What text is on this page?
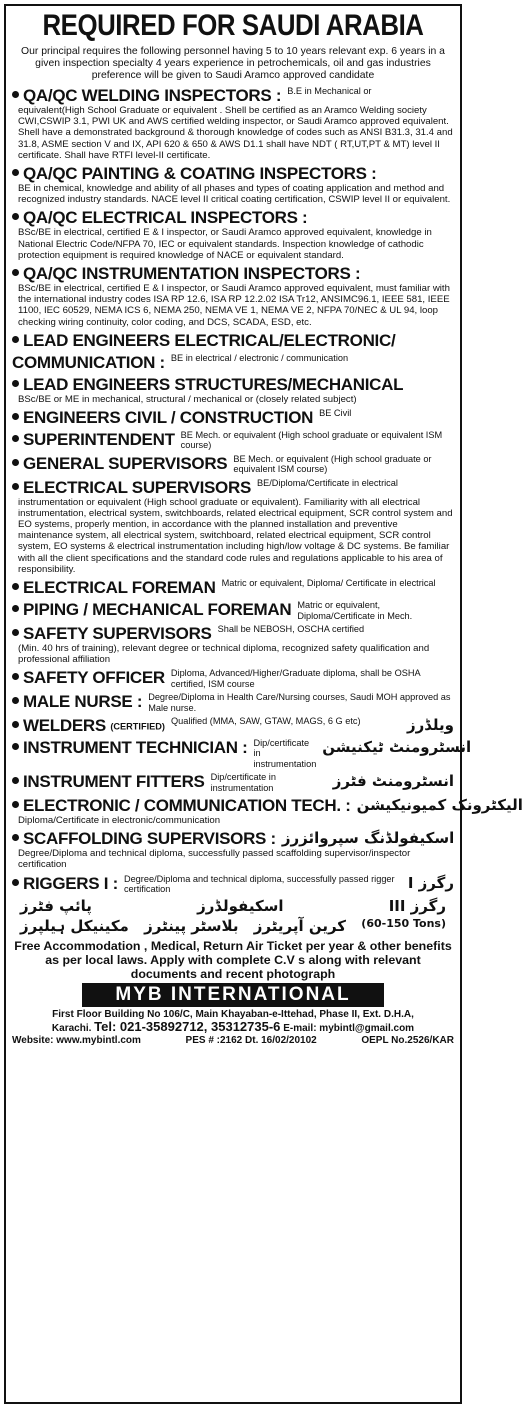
REQUIRED FOR SAUDI ARABIA
Our principal requires the following personnel having 5 to 10 years relevant exp. 6 years in a given inspection specialty 4 years experience in petrochemicals, oil and gas industries preference will be given to Saudi Aramco approved candidate
QA/QC WELDING INSPECTORS : B.E in Mechanical or
equivalent(High School Graduate or equivalent . Shell be certified as an Aramco Welding society CWI,CSWIP 3.1, PWI UK and AWS certified welding inspector, or Saudi Aramco approved equivalent. Shell have a demonstrated background & thorough knowledge of codes such as ANSI B31.3, 31.4 and 31.8, ASME section V and IX, API 620 & 650 & AWS D1.1 shall have NDT ( RT,UT,PT & MT) level II certificate. Shall have RTFI level-II certificate.
QA/QC PAINTING & COATING INSPECTORS :
BE in chemical, knowledge and ability of all phases and types of coating application and method and recognized industry standards. NACE level II critical coating certification, CSWIP level II or equivalent.
QA/QC ELECTRICAL INSPECTORS :
BSc/BE in electrical, certified E & I inspector, or Saudi Aramco approved equivalent, knowledge in National Electric Code/NFPA 70, IEC or equivalent standards. Inspection knowledge of cathodic protection equipment is required knowledge of NACE or equivalent standard.
QA/QC INSTRUMENTATION INSPECTORS :
BSc/BE in electrical, certified E & I inspector, or Saudi Aramco approved equivalent, must familiar with the international industry codes ISA RP 12.6, ISA RP 12.2.02 ISA Tr12, ANSIMC96.1, IEEE 581, IEEE 1100, IEC 60529, NEMA ICS 6, NEMA 250, NEMA VE 1, NEMA VE 2, NFPA 70/NEC & UL 94, loop checking wiring continuity, color coding, and DCS, SCADA, ESD, etc.
LEAD ENGINEERS ELECTRICAL/ELECTRONIC/
COMMUNICATION : BE in electrical / electronic / communication
LEAD ENGINEERS STRUCTURES/MECHANICAL
BSc/BE or ME in mechanical, structural / mechanical or (closely related subject)
ENGINEERS CIVIL / CONSTRUCTION BE Civil
SUPERINTENDENT BE Mech. or equivalent (High school graduate or equivalent ISM course)
GENERAL SUPERVISORS BE Mech. or equivalent (High school graduate or equivalent ISM course)
ELECTRICAL SUPERVISORS BE/Diploma/Certificate in electrical
instrumentation or equivalent (High school graduate or equivalent). Familiarity with all electrical instrumentation, electrical system, switchboards, related electrical equipment, SCR control system and EO systems, properly mention, in accordance with the planned installation and preventive maintenance system, all electrical system, switchboard, related electrical equipment, SCR control system, EO systems & electrical instrumentation including high/low voltage & DC systems. Be familiar with all the client specifications and the standard code rules and regulations applicable to his area of responsibility.
ELECTRICAL FOREMAN Matric or equivalent, Diploma/ Certificate in electrical
PIPING / MECHANICAL FOREMAN Matric or equivalent, Diploma/Certificate in Mech.
SAFETY SUPERVISORS Shall be NEBOSH, OSCHA certified
(Min. 40 hrs of training), relevant degree or technical diploma, recognized safety qualification and professional affiliation
SAFETY OFFICER Diploma, Advanced/Higher/Graduate diploma, shall be OSHA certified, ISM course
MALE NURSE : Degree/Diploma in Health Care/Nursing courses, Saudi MOH approved as Male nurse.
WELDERS (CERTIFIED)
Qualified (MMA, SAW, GTAW, MAGS, 6 G etc)	ویلڈرز
INSTRUMENT TECHNICIAN : Dip/certificate in instrumentation
انسٹرومنٹ ٹیکنیشن
INSTRUMENT FITTERS Dip/certificate in instrumentation	انسٹرومنٹ فٹرز
ELECTRONIC / COMMUNICATION TECH. : الیکٹرونک کمیونیکیشن
Diploma/Certificate in electronic/communication
SCAFFOLDING SUPERVISORS : اسکیفولڈنگ سپروائزرز
Degree/Diploma and technical diploma, successfully passed scaffolding supervisor/inspector certification
RIGGERS I : Degree/Diploma and technical diploma, successfully passed rigger certification	رگرز I
رگرز III
اسکیفولڈرز
پائپ فٹرز
(60-150 Tons)
کرین آپریٹرز
بلاسٹر پینٹرز
مکینیکل ہیلپرز
Free Accommodation , Medical, Return Air Ticket per year & other benefits as per local laws. Apply with complete C.V s along with relevant documents and recent photograph
MYB INTERNATIONAL
First Floor Building No 106/C, Main Khayaban-e-Ittehad, Phase II, Ext. D.H.A,
Karachi. Tel: 021-35892712, 35312735-6 E-mail: mybintl@gmail.com
Website: www.mybintl.com	PES # :2162 Dt. 16/02/20102	OEPL No.2526/KAR
